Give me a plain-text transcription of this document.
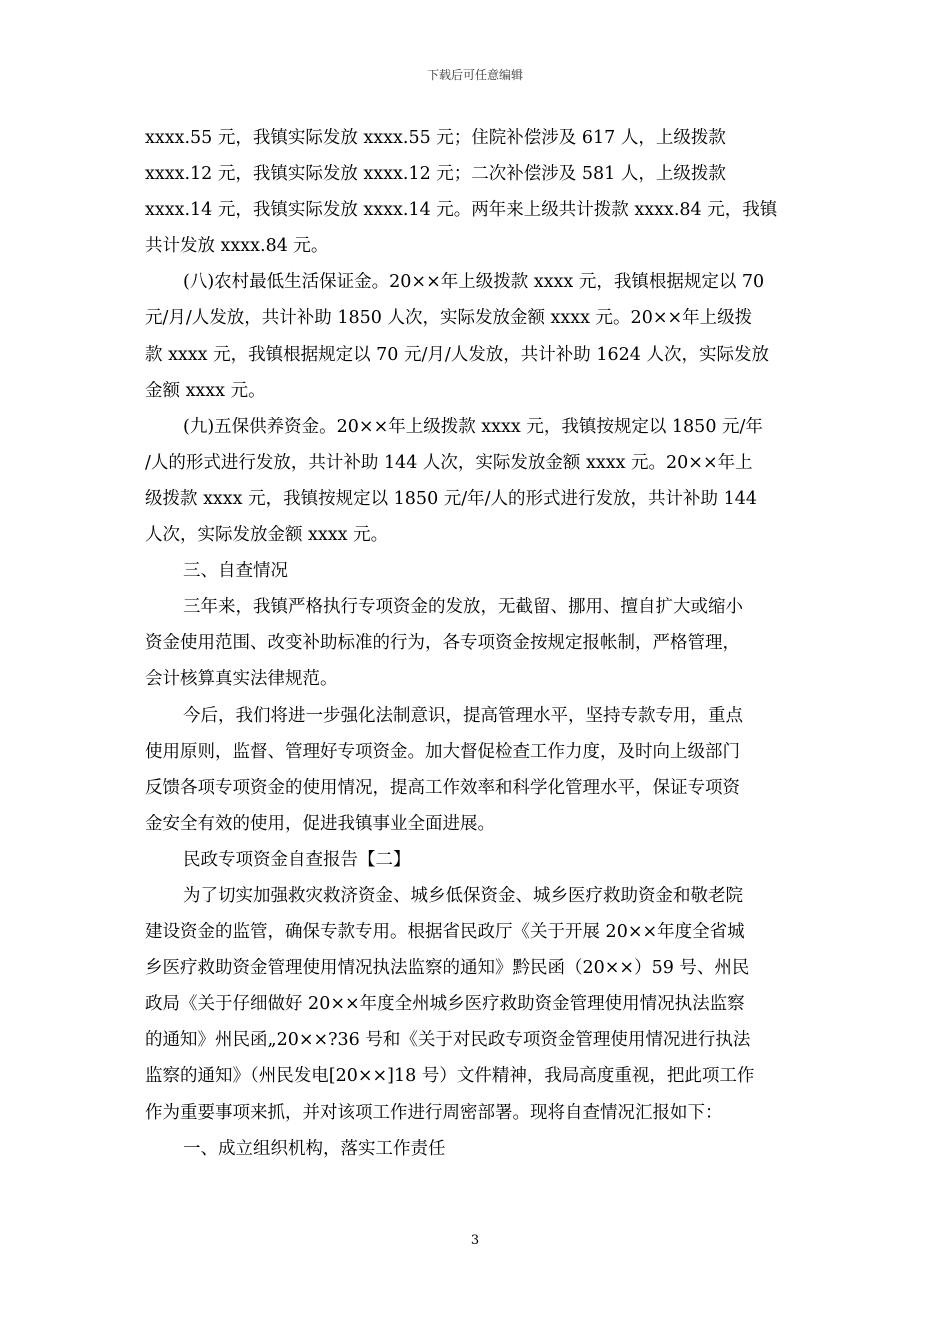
下载后可任意编辑
xxxx.55 元，我镇实际发放 xxxx.55 元；住院补偿涉及 617 人，上级拨款
xxxx.12 元，我镇实际发放 xxxx.12 元；二次补偿涉及 581 人，上级拨款
xxxx.14 元，我镇实际发放 xxxx.14 元。两年来上级共计拨款 xxxx.84 元，我镇
共计发放 xxxx.84 元。
(八)农村最低生活保证金。20××年上级拨款 xxxx 元，我镇根据规定以 70
元/月/人发放，共计补助 1850 人次，实际发放金额 xxxx 元。20××年上级拨
款 xxxx 元，我镇根据规定以 70 元/月/人发放，共计补助 1624 人次，实际发放
金额 xxxx 元。
(九)五保供养资金。20××年上级拨款 xxxx 元，我镇按规定以 1850 元/年
/人的形式进行发放，共计补助 144 人次，实际发放金额 xxxx 元。20××年上
级拨款 xxxx 元，我镇按规定以 1850 元/年/人的形式进行发放，共计补助 144
人次，实际发放金额 xxxx 元。
三、自查情况
三年来，我镇严格执行专项资金的发放，无截留、挪用、擅自扩大或缩小
资金使用范围、改变补助标准的行为，各专项资金按规定报帐制，严格管理，
会计核算真实法律规范。
今后，我们将进一步强化法制意识，提高管理水平，坚持专款专用，重点
使用原则，监督、管理好专项资金。加大督促检查工作力度，及时向上级部门
反馈各项专项资金的使用情况，提高工作效率和科学化管理水平，保证专项资
金安全有效的使用，促进我镇事业全面进展。
民政专项资金自查报告【二】
为了切实加强救灾救济资金、城乡低保资金、城乡医疗救助资金和敬老院
建设资金的监管，确保专款专用。根据省民政厅《关于开展 20××年度全省城
乡医疗救助资金管理使用情况执法监察的通知》黔民函（20××）59 号、州民
政局《关于仔细做好 20××年度全州城乡医疗救助资金管理使用情况执法监察
的通知》州民函„20××?36 号和《关于对民政专项资金管理使用情况进行执法
监察的通知》（州民发电[20××]18 号）文件精神，我局高度重视，把此项工作
作为重要事项来抓，并对该项工作进行周密部署。现将自查情况汇报如下：
一、成立组织机构，落实工作责任
3
